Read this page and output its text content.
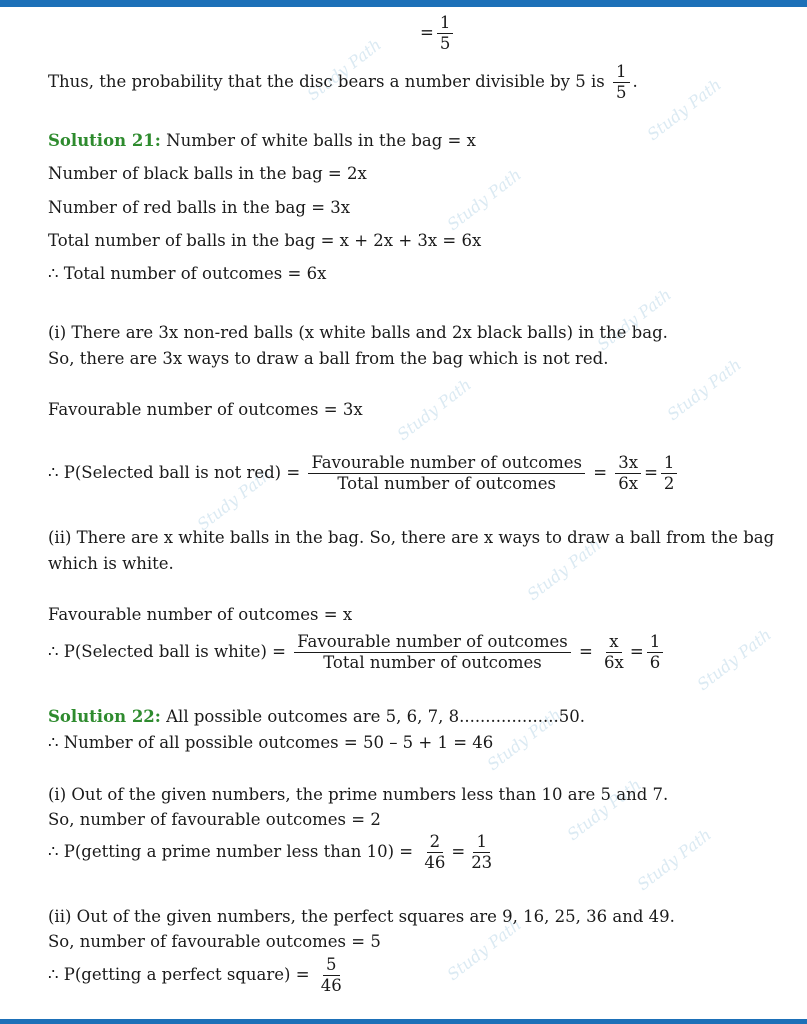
Study Path
Study Path
Study Path
Study Path
Study Path	Study Path
Study Path
Study Path
Study Path
Study Path
Study Path
Study Path
Study Path
= $\frac{1}{5}$
Thus, the probability that the disc bears a number divisible by 5 is $\frac{1}{5}$ .
Solution 21: Number of white balls in the bag = x
Number of black balls in the bag = 2x
Number of red balls in the bag = 3x
Total number of balls in the bag = x + 2x + 3x = 6x
∴ Total number of outcomes = 6x
(i) There are 3x non-red balls (x white balls and 2x black balls) in the bag.
So, there are 3x ways to draw a ball from the bag which is not red.
Favourable number of outcomes = 3x
∴ P(Selected ball is not $red) = \frac{\text{Favourable number of outcomes}}{\text{Total number of outcomes}} = \frac{3x}{6x} = \frac{1}{2}$
(ii) There are x white balls in the bag. So, there are x ways to draw a ball from the bag
which is white.
Favourable number of outcomes = x
∴ P(Selected ball is white) = $\frac{\text{Favourable number of outcomes}}{\text{Total number of outcomes}} = \frac{x}{6x} = \frac{1}{6}$
Solution 22: All possible outcomes are 5, 6, 7, 8...................50.
∴ Number of all possible outcomes = 50 – 5 + 1 = 46
(i) Out of the given numbers, the prime numbers less than 10 are 5 and 7.
So, number of favourable outcomes = 2
∴ P(getting a prime number less than $10) = \frac{2}{46} = \frac{1}{23}$
(ii) Out of the given numbers, the perfect squares are 9, 16, 25, 36 and 49.
So, number of favourable outcomes = 5
∴ P(getting a perfect square) = $\frac{5}{46}$
